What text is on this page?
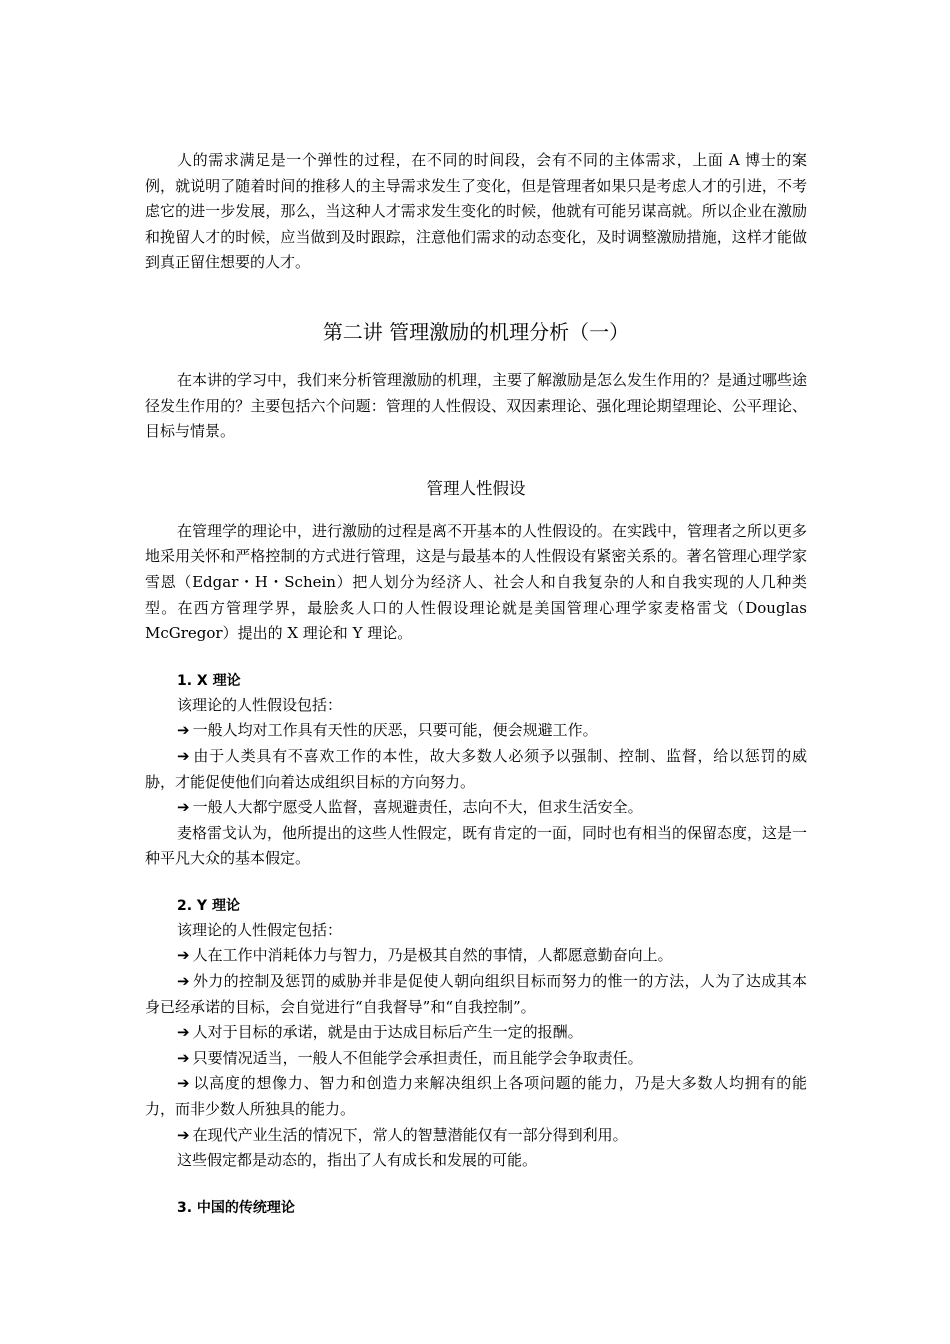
人的需求满足是一个弹性的过程，在不同的时间段，会有不同的主体需求，上面 A 博士的案例，就说明了随着时间的推移人的主导需求发生了变化，但是管理者如果只是考虑人才的引进，不考虑它的进一步发展，那么，当这种人才需求发生变化的时候，他就有可能另谋高就。所以企业在激励和挽留人才的时候，应当做到及时跟踪，注意他们需求的动态变化，及时调整激励措施，这样才能做到真正留住想要的人才。

第二讲 管理激励的机理分析（一）

在本讲的学习中，我们来分析管理激励的机理，主要了解激励是怎么发生作用的？是通过哪些途径发生作用的？主要包括六个问题：管理的人性假设、双因素理论、强化理论期望理论、公平理论、目标与情景。

管理人性假设

在管理学的理论中，进行激励的过程是离不开基本的人性假设的。在实践中，管理者之所以更多地采用关怀和严格控制的方式进行管理，这是与最基本的人性假设有紧密关系的。著名管理心理学家雪恩（Edgar・H・Schein）把人划分为经济人、社会人和自我复杂的人和自我实现的人几种类型。在西方管理学界，最脍炙人口的人性假设理论就是美国管理心理学家麦格雷戈（Douglas McGregor）提出的 X 理论和 Y 理论。

1. X 理论

该理论的人性假设包括：

➔ 一般人均对工作具有天性的厌恶，只要可能，便会规避工作。

➔ 由于人类具有不喜欢工作的本性，故大多数人必须予以强制、控制、监督，给以惩罚的威胁，才能促使他们向着达成组织目标的方向努力。

➔ 一般人大都宁愿受人监督，喜规避责任，志向不大，但求生活安全。

麦格雷戈认为，他所提出的这些人性假定，既有肯定的一面，同时也有相当的保留态度，这是一种平凡大众的基本假定。

2. Y 理论

该理论的人性假定包括：

➔ 人在工作中消耗体力与智力，乃是极其自然的事情，人都愿意勤奋向上。

➔ 外力的控制及惩罚的威胁并非是促使人朝向组织目标而努力的惟一的方法，人为了达成其本身已经承诺的目标，会自觉进行“自我督导”和“自我控制”。

➔ 人对于目标的承诺，就是由于达成目标后产生一定的报酬。

➔ 只要情况适当，一般人不但能学会承担责任，而且能学会争取责任。

➔ 以高度的想像力、智力和创造力来解决组织上各项问题的能力，乃是大多数人均拥有的能力，而非少数人所独具的能力。

➔ 在现代产业生活的情况下，常人的智慧潜能仅有一部分得到利用。

这些假定都是动态的，指出了人有成长和发展的可能。

3. 中国的传统理论
